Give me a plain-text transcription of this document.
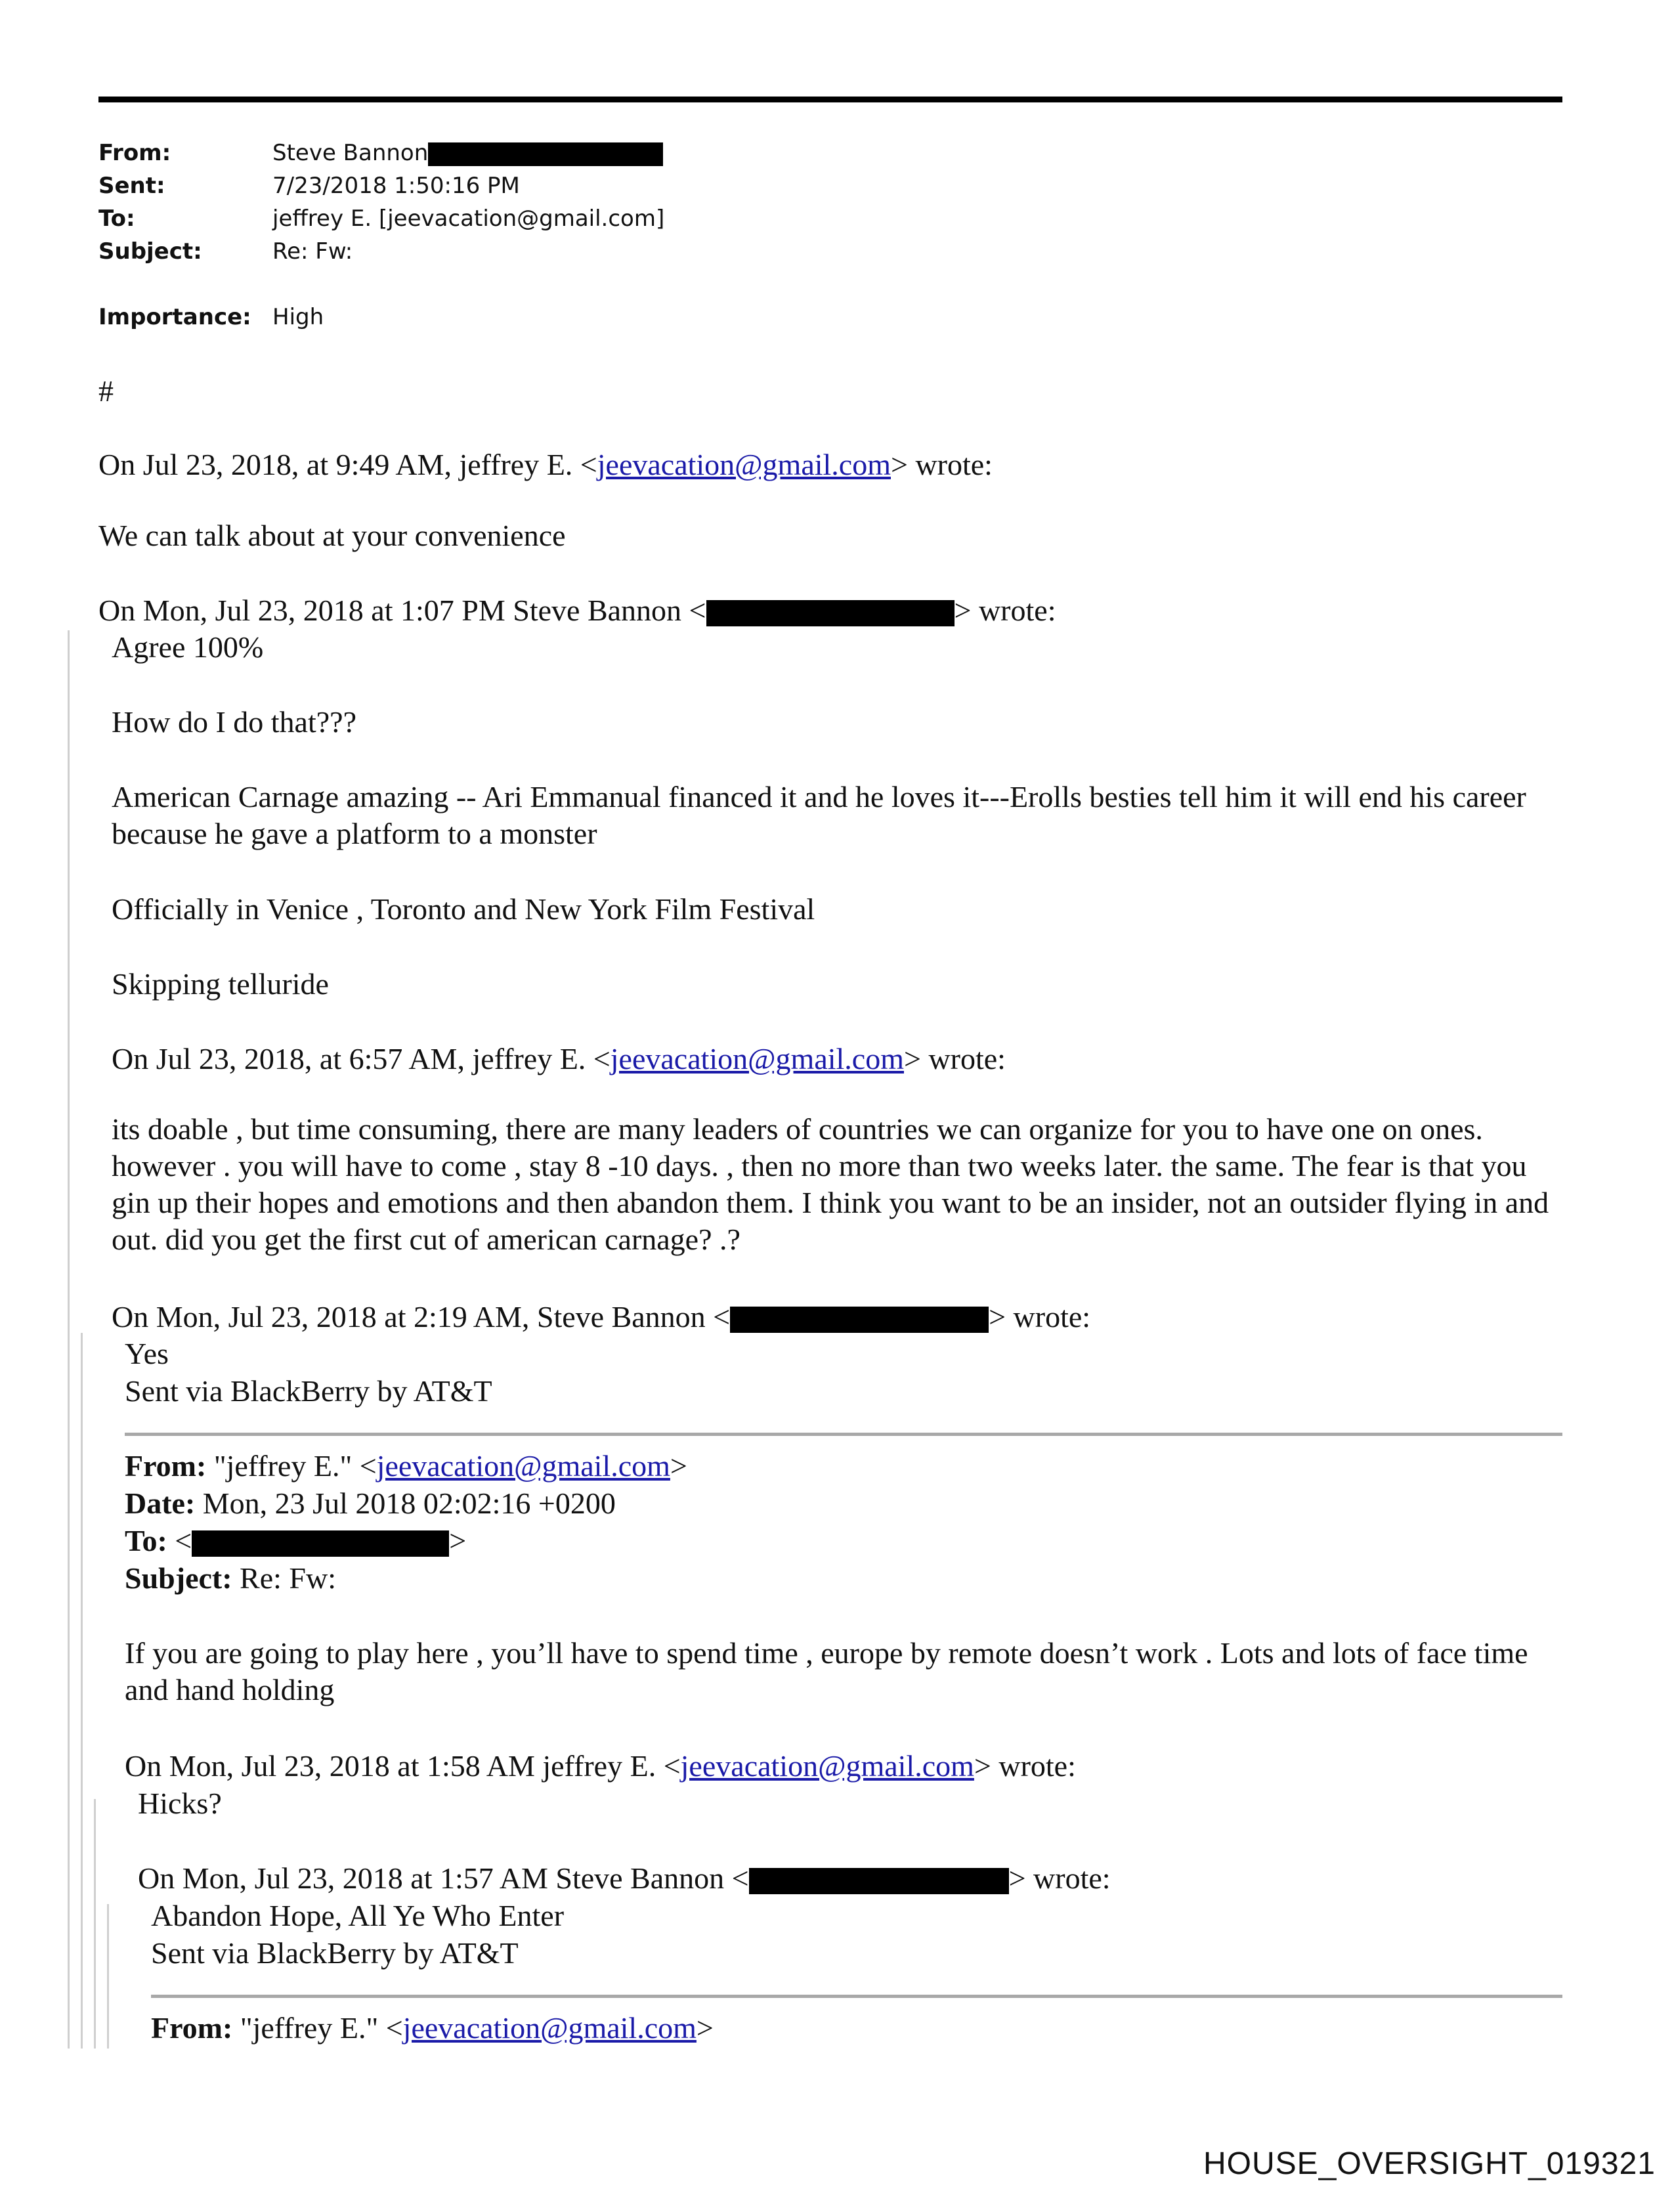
From:	Steve Bannon
Sent:	7/23/2018 1:50:16 PM
To:	jeffrey E. [jeevacation@gmail.com]
Subject:	Re: Fw:
Importance: High
#
On Jul 23, 2018, at 9:49 AM, jeffrey E. <jeevacation@gmail.com> wrote:
We can talk about at your convenience
On Mon, Jul 23, 2018 at 1:07 PM Steve Bannon <	> wrote:
Agree 100%
How do I do that???
American Carnage amazing -- Ari Emmanual financed it and he loves it---Erolls besties tell him it will end his career because he gave a platform to a monster
Officially in Venice , Toronto and New York Film Festival
Skipping telluride
On Jul 23, 2018, at 6:57 AM, jeffrey E. <jeevacation@gmail.com> wrote:
its doable , but time consuming, there are many leaders of countries we can organize for you to have one on ones. however . you will have to come , stay 8 -10 days. , then no more than two weeks later. the same. The fear is that you gin up their hopes and emotions and then abandon them. I think you want to be an insider, not an outsider flying in and out. did you get the first cut of american carnage? .?
On Mon, Jul 23, 2018 at 2:19 AM, Steve Bannon <	> wrote:
Yes
Sent via BlackBerry by AT&T
From: "jeffrey E." <jeevacation@gmail.com>
Date: Mon, 23 Jul 2018 02:02:16 +0200
To: <	>
Subject: Re: Fw:
If you are going to play here , you’ll have to spend time , europe by remote doesn’t work . Lots and lots of face time and hand holding
On Mon, Jul 23, 2018 at 1:58 AM jeffrey E. <jeevacation@gmail.com> wrote:
Hicks?
On Mon, Jul 23, 2018 at 1:57 AM Steve Bannon <	> wrote:
Abandon Hope, All Ye Who Enter
Sent via BlackBerry by AT&T
From: "jeffrey E." <jeevacation@gmail.com>
HOUSE_OVERSIGHT_019321
